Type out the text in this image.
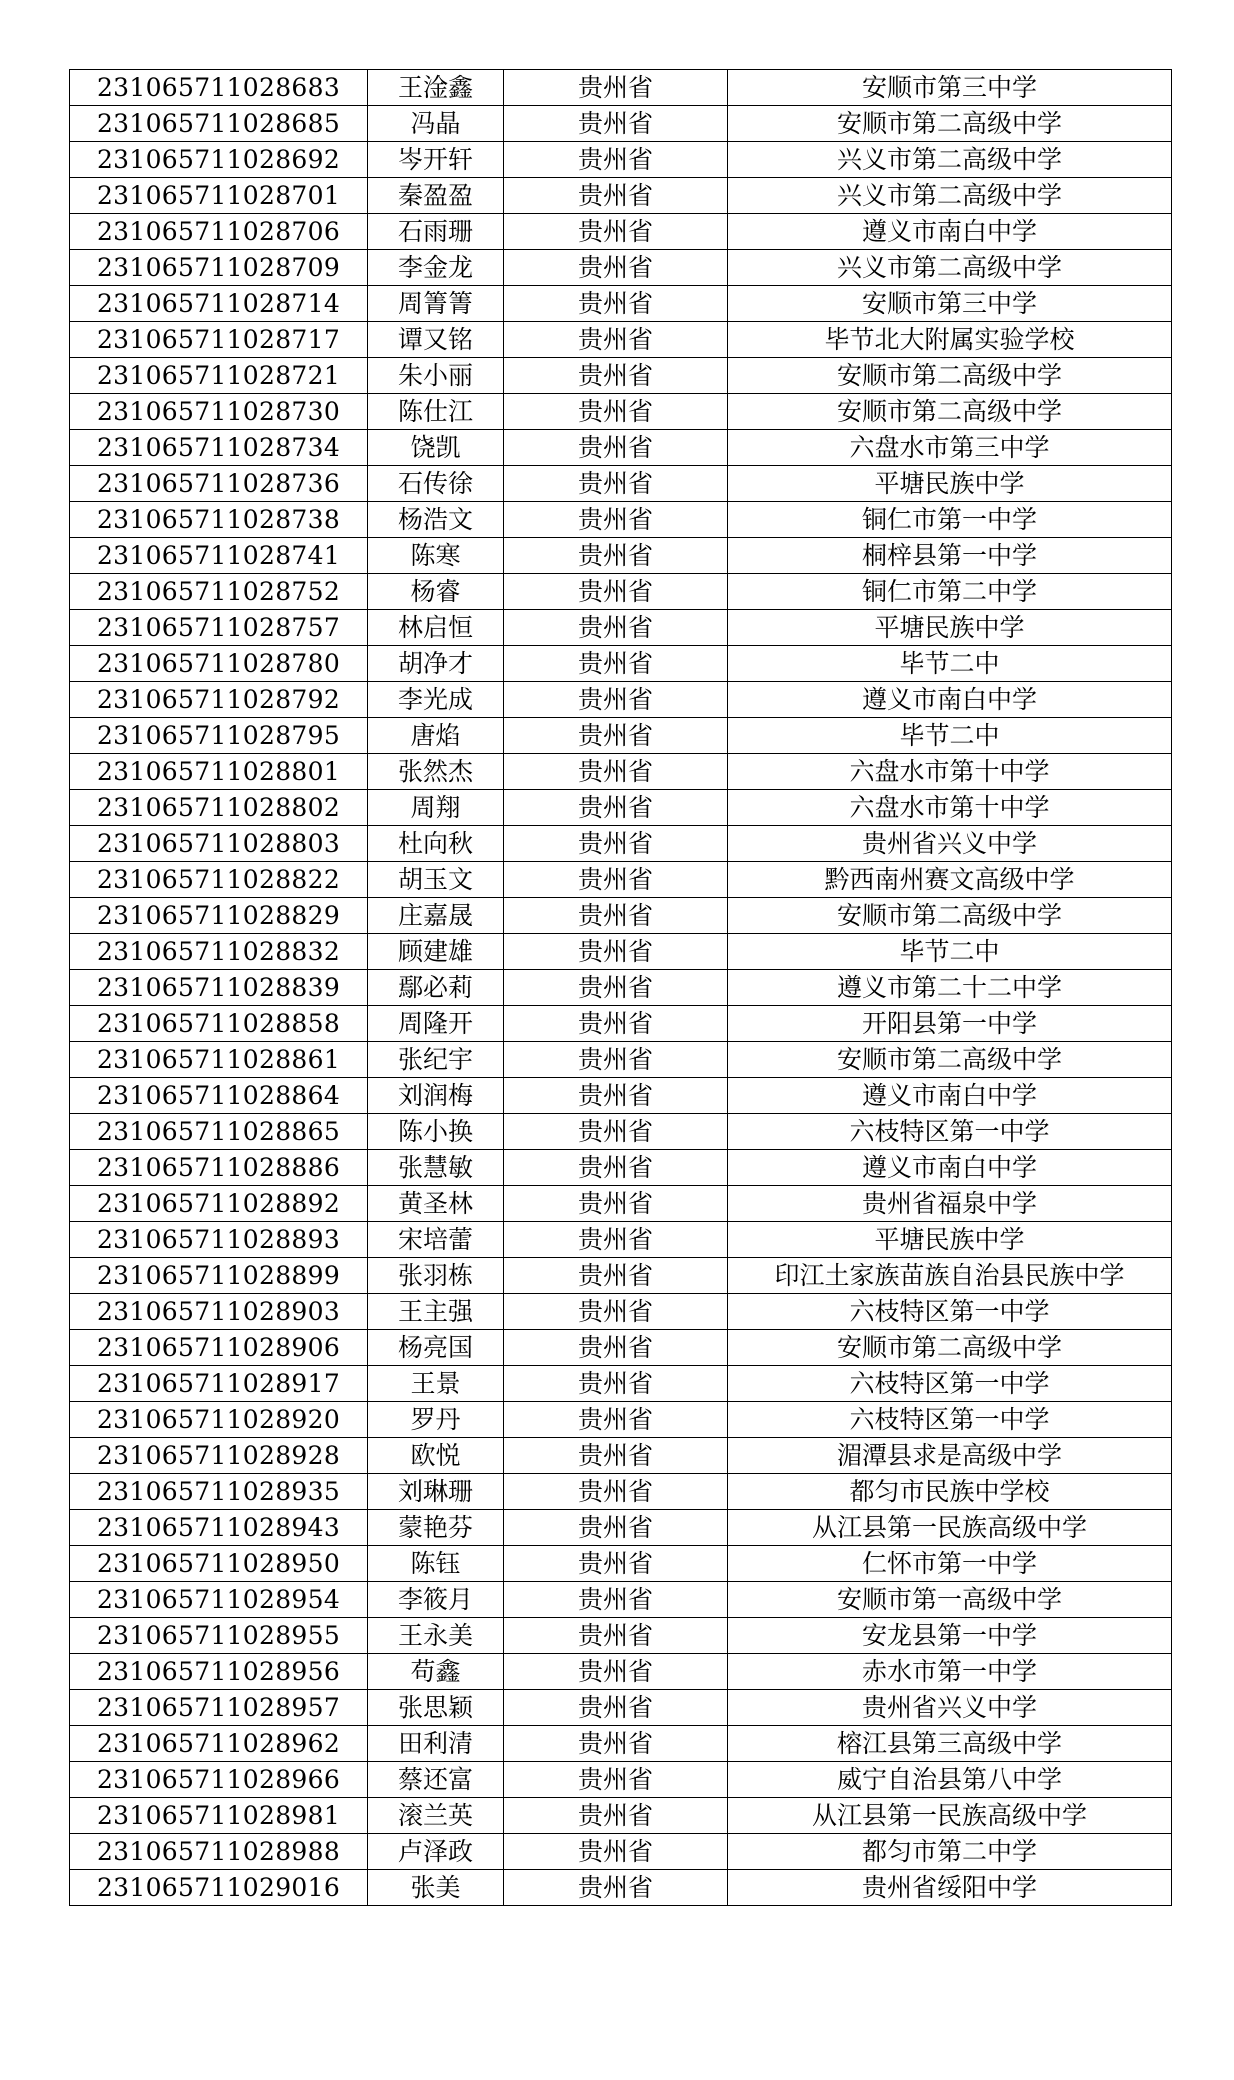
231065711028683	王淦鑫	贵州省	安顺市第三中学
231065711028685	冯晶	贵州省	安顺市第二高级中学
231065711028692	岑开轩	贵州省	兴义市第二高级中学
231065711028701	秦盈盈	贵州省	兴义市第二高级中学
231065711028706	石雨珊	贵州省	遵义市南白中学
231065711028709	李金龙	贵州省	兴义市第二高级中学
231065711028714	周箐箐	贵州省	安顺市第三中学
231065711028717	谭又铭	贵州省	毕节北大附属实验学校
231065711028721	朱小丽	贵州省	安顺市第二高级中学
231065711028730	陈仕江	贵州省	安顺市第二高级中学
231065711028734	饶凯	贵州省	六盘水市第三中学
231065711028736	石传徐	贵州省	平塘民族中学
231065711028738	杨浩文	贵州省	铜仁市第一中学
231065711028741	陈寒	贵州省	桐梓县第一中学
231065711028752	杨睿	贵州省	铜仁市第二中学
231065711028757	林启恒	贵州省	平塘民族中学
231065711028780	胡净才	贵州省	毕节二中
231065711028792	李光成	贵州省	遵义市南白中学
231065711028795	唐焰	贵州省	毕节二中
231065711028801	张然杰	贵州省	六盘水市第十中学
231065711028802	周翔	贵州省	六盘水市第十中学
231065711028803	杜向秋	贵州省	贵州省兴义中学
231065711028822	胡玉文	贵州省	黔西南州赛文高级中学
231065711028829	庄嘉晟	贵州省	安顺市第二高级中学
231065711028832	顾建雄	贵州省	毕节二中
231065711028839	鄢必莉	贵州省	遵义市第二十二中学
231065711028858	周隆开	贵州省	开阳县第一中学
231065711028861	张纪宇	贵州省	安顺市第二高级中学
231065711028864	刘润梅	贵州省	遵义市南白中学
231065711028865	陈小换	贵州省	六枝特区第一中学
231065711028886	张慧敏	贵州省	遵义市南白中学
231065711028892	黄圣林	贵州省	贵州省福泉中学
231065711028893	宋培蕾	贵州省	平塘民族中学
231065711028899	张羽栋	贵州省	印江土家族苗族自治县民族中学
231065711028903	王主强	贵州省	六枝特区第一中学
231065711028906	杨亮国	贵州省	安顺市第二高级中学
231065711028917	王景	贵州省	六枝特区第一中学
231065711028920	罗丹	贵州省	六枝特区第一中学
231065711028928	欧悦	贵州省	湄潭县求是高级中学
231065711028935	刘琳珊	贵州省	都匀市民族中学校
231065711028943	蒙艳芬	贵州省	从江县第一民族高级中学
231065711028950	陈钰	贵州省	仁怀市第一中学
231065711028954	李筱月	贵州省	安顺市第一高级中学
231065711028955	王永美	贵州省	安龙县第一中学
231065711028956	苟鑫	贵州省	赤水市第一中学
231065711028957	张思颖	贵州省	贵州省兴义中学
231065711028962	田利清	贵州省	榕江县第三高级中学
231065711028966	蔡还富	贵州省	威宁自治县第八中学
231065711028981	滚兰英	贵州省	从江县第一民族高级中学
231065711028988	卢泽政	贵州省	都匀市第二中学
231065711029016	张美	贵州省	贵州省绥阳中学
